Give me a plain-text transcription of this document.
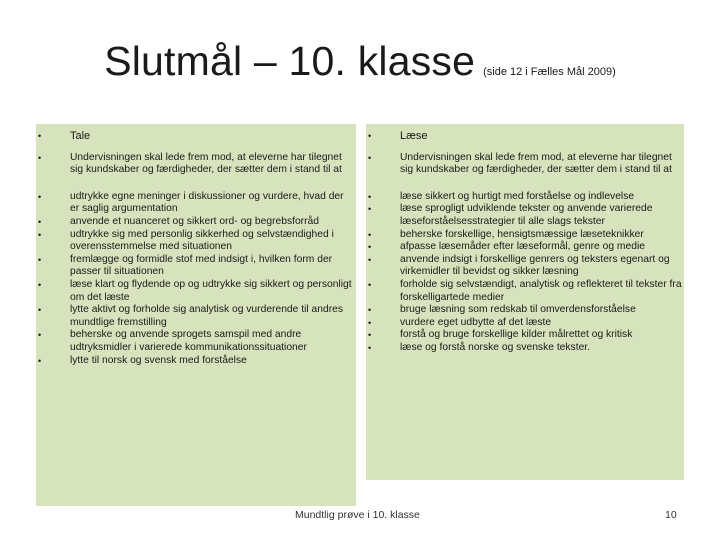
Slutmål – 10. klasse (side 12 i Fælles Mål 2009)
•	Tale
•	Undervisningen skal lede frem mod, at eleverne har tilegnet sig kundskaber og færdigheder, der sætter dem i stand til at
•	udtrykke egne meninger i diskussioner og vurdere, hvad der er saglig argumentation
•	anvende et nuanceret og sikkert ord- og begrebsforråd
•	udtrykke sig med personlig sikkerhed og selvstændighed i overensstemmelse med situationen
•	fremlægge og formidle stof med indsigt i, hvilken form der passer til situationen
•	læse klart og flydende op og udtrykke sig sikkert og personligt om det læste
•	lytte aktivt og forholde sig analytisk og vurderende til andres mundtlige fremstilling
•	beherske og anvende sprogets samspil med andre udtryksmidler i varierede kommunikationssituationer
•	lytte til norsk og svensk med forståelse
•	Læse
•	Undervisningen skal lede frem mod, at eleverne har tilegnet sig kundskaber og færdigheder, der sætter dem i stand til at
•	læse sikkert og hurtigt med forståelse og indlevelse
•	læse sprogligt udviklende tekster og anvende varierede læseforståelsesstrategier til alle slags tekster
•	beherske forskellige, hensigtsmæssige læseteknikker
•	afpasse læsemåder efter læseformål, genre og medie
•	anvende indsigt i forskellige genrers og teksters egenart og virkemidler til bevidst og sikker læsning
•	forholde sig selvstændigt, analytisk og reflekteret til tekster fra forskelligartede medier
•	bruge læsning som redskab til omverdensforståelse
•	vurdere eget udbytte af det læste
•	forstå og bruge forskellige kilder målrettet og kritisk
•	læse og forstå norske og svenske tekster.
Mundtlig prøve i 10. klasse	10
